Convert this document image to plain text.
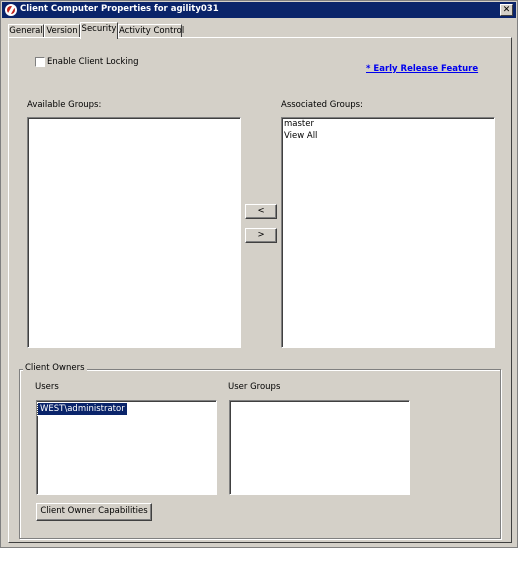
Client Computer Properties for agility031	✕
General Version Security Activity Control
Enable Client Locking
* Early Release Feature
Available Groups:	Associated Groups:
master
View All
<
>
Client Owners
Users
WEST\administrator
User Groups
Client Owner Capabilities
